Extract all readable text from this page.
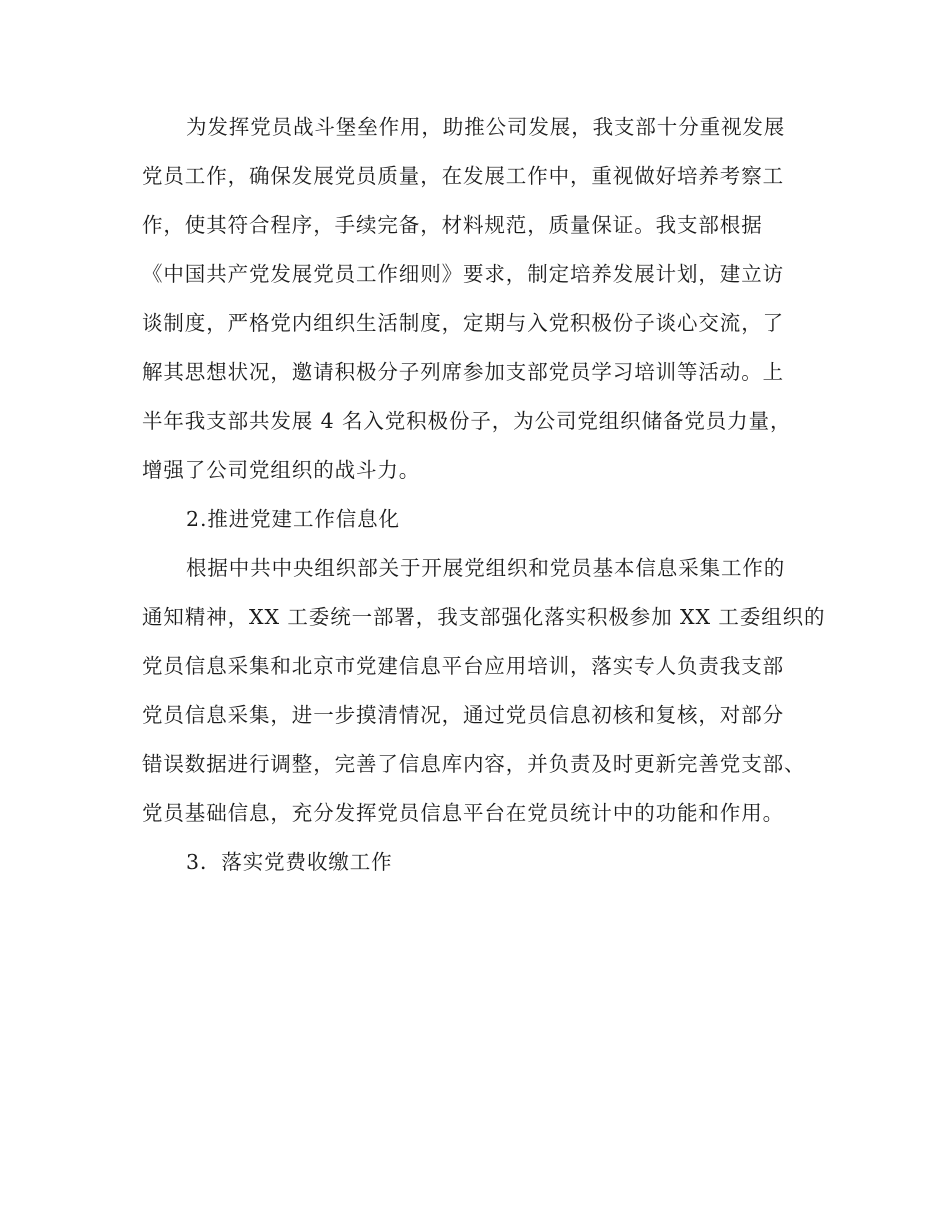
为发挥党员战斗堡垒作用，助推公司发展，我支部十分重视发展
党员工作，确保发展党员质量，在发展工作中，重视做好培养考察工
作，使其符合程序，手续完备，材料规范，质量保证。我支部根据
《中国共产党发展党员工作细则》要求，制定培养发展计划，建立访
谈制度，严格党内组织生活制度，定期与入党积极份子谈心交流，了
解其思想状况，邀请积极分子列席参加支部党员学习培训等活动。上
半年我支部共发展 4 名入党积极份子，为公司党组织储备党员力量，
增强了公司党组织的战斗力。
2.推进党建工作信息化
根据中共中央组织部关于开展党组织和党员基本信息采集工作的
通知精神，XX 工委统一部署，我支部强化落实积极参加 XX 工委组织的
党员信息采集和北京市党建信息平台应用培训，落实专人负责我支部
党员信息采集，进一步摸清情况，通过党员信息初核和复核，对部分
错误数据进行调整，完善了信息库内容，并负责及时更新完善党支部、
党员基础信息，充分发挥党员信息平台在党员统计中的功能和作用。
3．落实党费收缴工作
